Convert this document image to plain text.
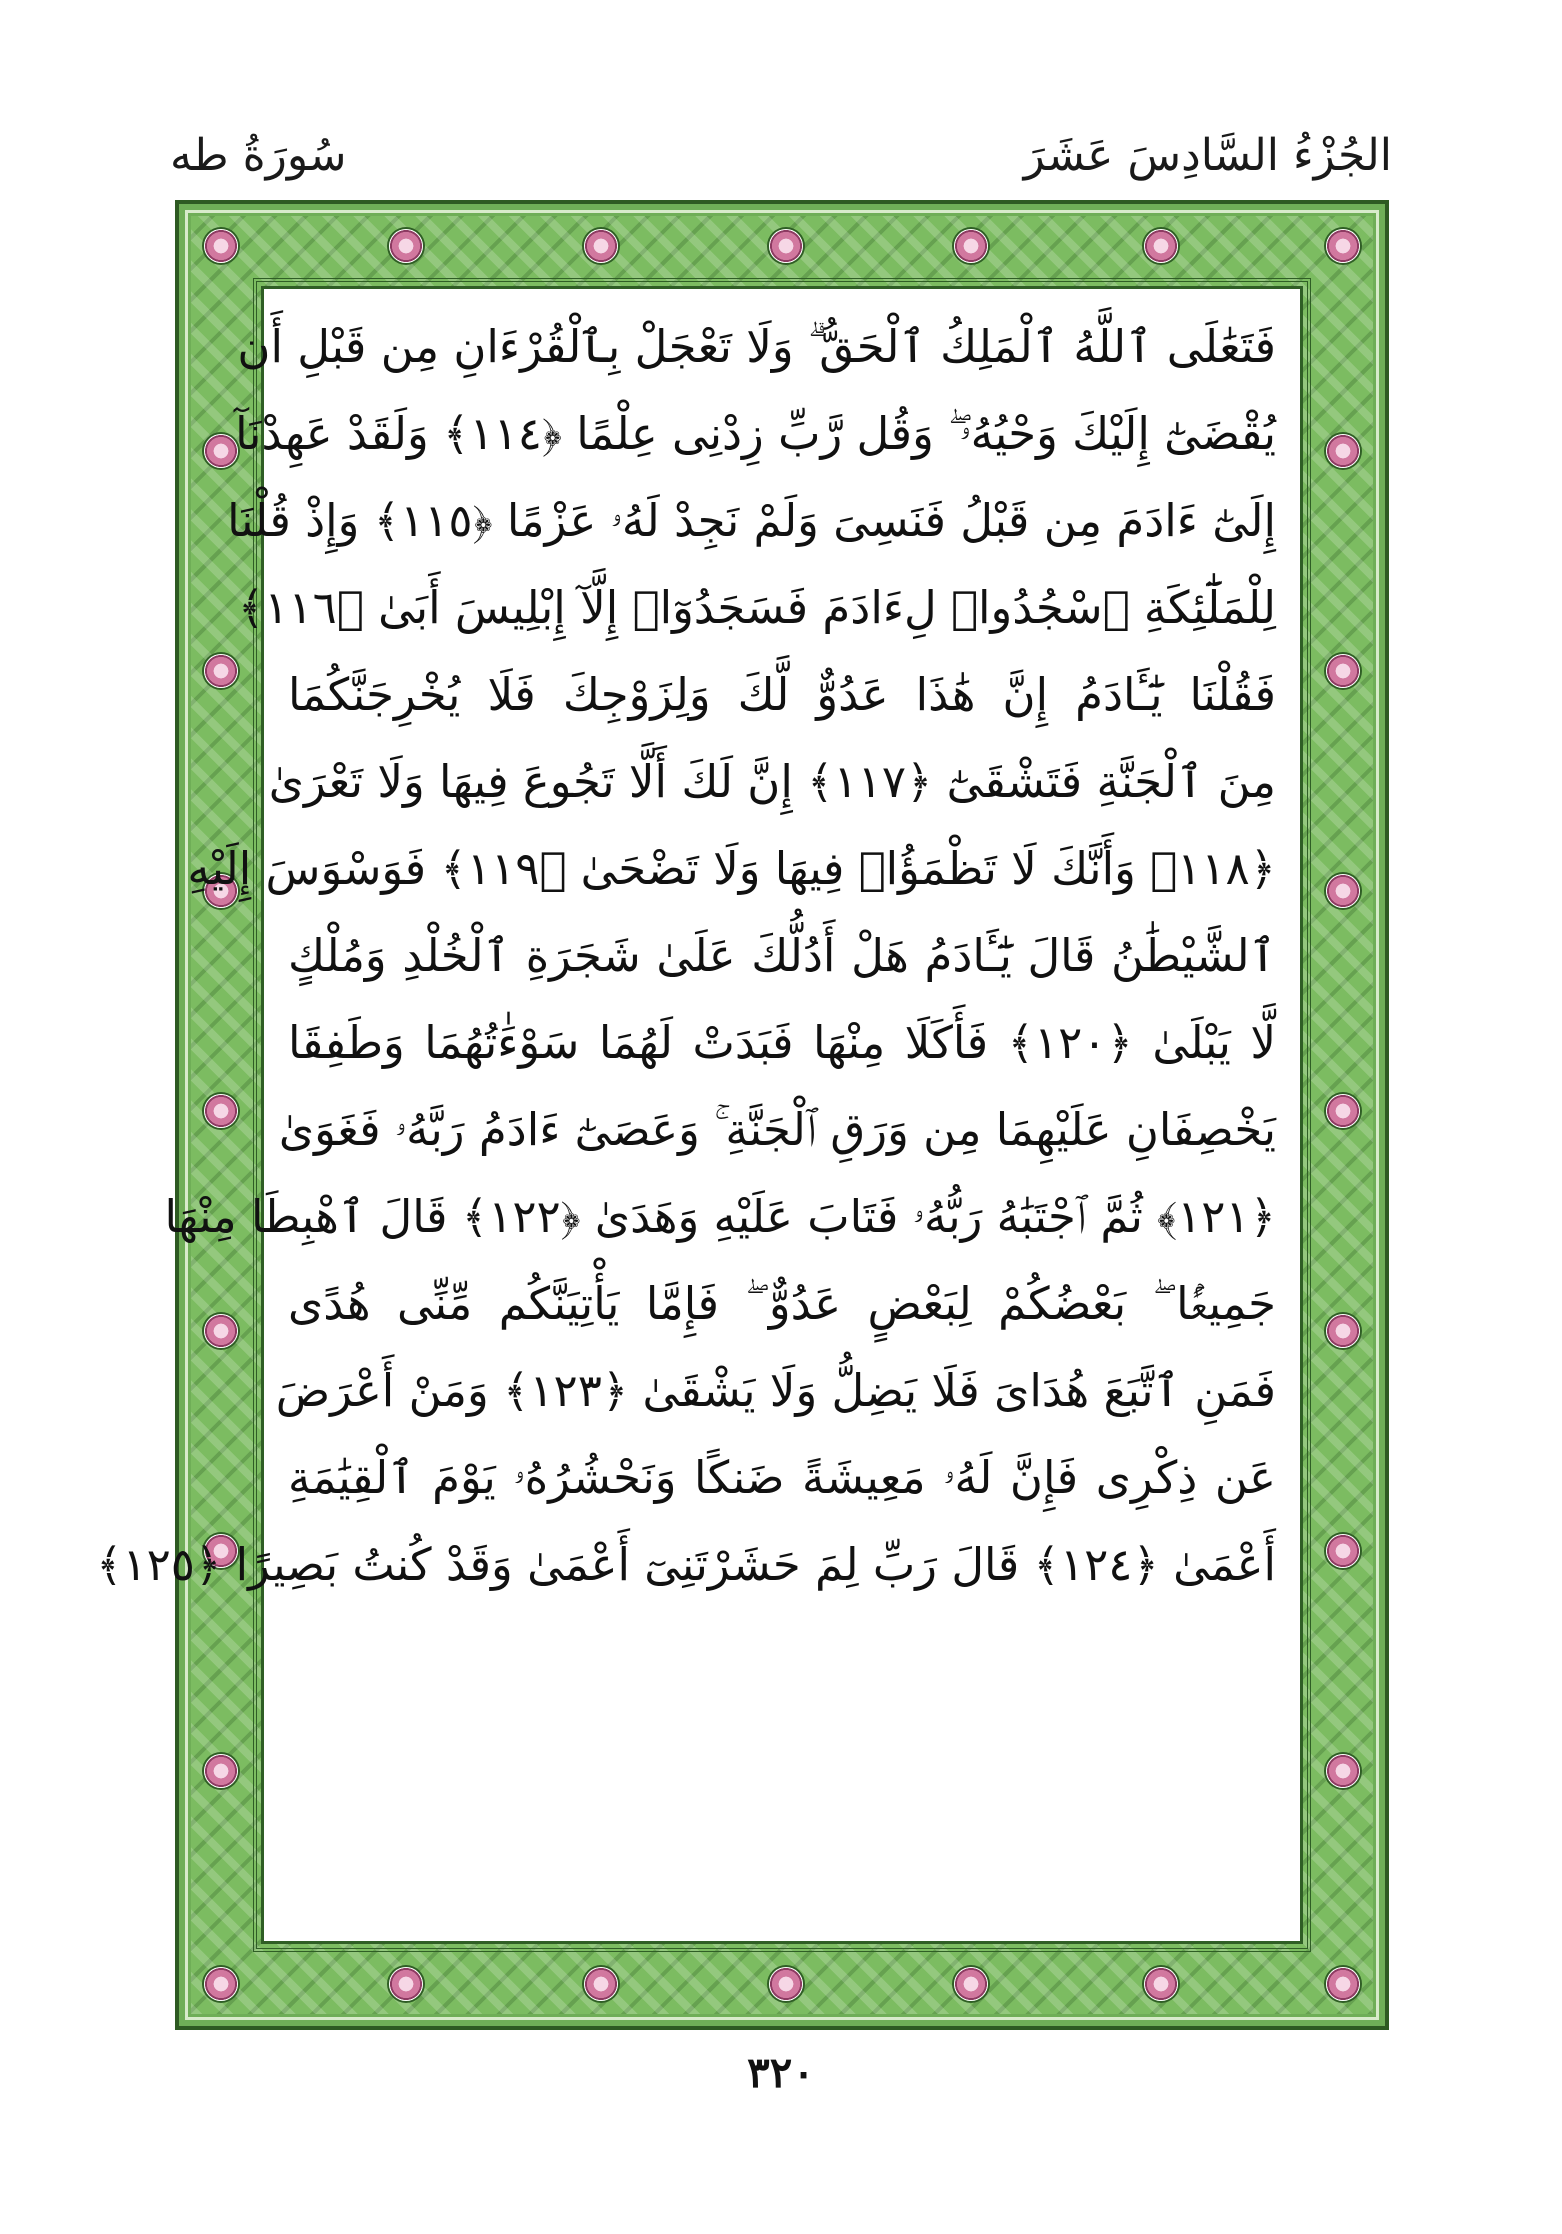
الجُزْءُ السَّادِسَ عَشَرَ
سُورَةُ طه
فَتَعَٰلَى ٱللَّهُ ٱلْمَلِكُ ٱلْحَقُّ ۗ وَلَا تَعْجَلْ بِٱلْقُرْءَانِ مِن قَبْلِ أَن
يُقْضَىٰٓ إِلَيْكَ وَحْيُهُۥ ۖ وَقُل رَّبِّ زِدْنِى عِلْمًا ﴿١١٤﴾ وَلَقَدْ عَهِدْنَآ
إِلَىٰٓ ءَادَمَ مِن قَبْلُ فَنَسِىَ وَلَمْ نَجِدْ لَهُۥ عَزْمًا ﴿١١٥﴾ وَإِذْ قُلْنَا
لِلْمَلَٰٓئِكَةِ ٱسْجُدُوا۟ لِءَادَمَ فَسَجَدُوٓا۟ إِلَّآ إِبْلِيسَ أَبَىٰ ﴿١١٦﴾
فَقُلْنَا يَٰٓـَٔادَمُ إِنَّ هَٰذَا عَدُوٌّ لَّكَ وَلِزَوْجِكَ فَلَا يُخْرِجَنَّكُمَا
مِنَ ٱلْجَنَّةِ فَتَشْقَىٰٓ ﴿١١٧﴾ إِنَّ لَكَ أَلَّا تَجُوعَ فِيهَا وَلَا تَعْرَىٰ
﴿١١٨﴾ وَأَنَّكَ لَا تَظْمَؤُا۟ فِيهَا وَلَا تَضْحَىٰ ﴿١١٩﴾ فَوَسْوَسَ إِلَيْهِ
ٱلشَّيْطَٰنُ قَالَ يَٰٓـَٔادَمُ هَلْ أَدُلُّكَ عَلَىٰ شَجَرَةِ ٱلْخُلْدِ وَمُلْكٍ
لَّا يَبْلَىٰ ﴿١٢٠﴾ فَأَكَلَا مِنْهَا فَبَدَتْ لَهُمَا سَوْءَٰتُهُمَا وَطَفِقَا
يَخْصِفَانِ عَلَيْهِمَا مِن وَرَقِ ٱلْجَنَّةِ ۚ وَعَصَىٰٓ ءَادَمُ رَبَّهُۥ فَغَوَىٰ
﴿١٢١﴾ ثُمَّ ٱجْتَبَٰهُ رَبُّهُۥ فَتَابَ عَلَيْهِ وَهَدَىٰ ﴿١٢٢﴾ قَالَ ٱهْبِطَا مِنْهَا
جَمِيعًۢا ۖ بَعْضُكُمْ لِبَعْضٍ عَدُوٌّ ۖ فَإِمَّا يَأْتِيَنَّكُم مِّنِّى هُدًى
فَمَنِ ٱتَّبَعَ هُدَاىَ فَلَا يَضِلُّ وَلَا يَشْقَىٰ ﴿١٢٣﴾ وَمَنْ أَعْرَضَ
عَن ذِكْرِى فَإِنَّ لَهُۥ مَعِيشَةً ضَنكًا وَنَحْشُرُهُۥ يَوْمَ ٱلْقِيَٰمَةِ
أَعْمَىٰ ﴿١٢٤﴾ قَالَ رَبِّ لِمَ حَشَرْتَنِىٓ أَعْمَىٰ وَقَدْ كُنتُ بَصِيرًا ﴿١٢٥﴾
٣٢٠
